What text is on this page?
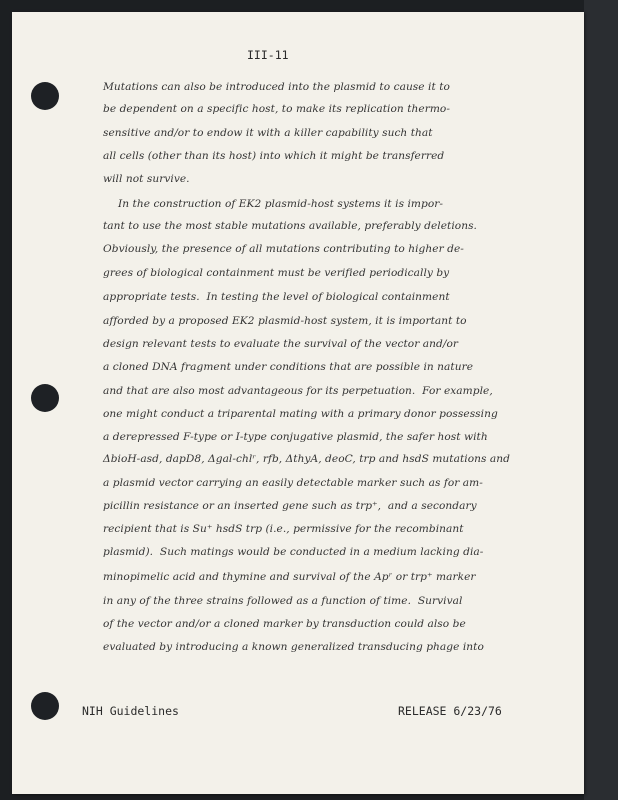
III-11
Mutations can also be introduced into the plasmid to cause it to
be dependent on a specific host, to make its replication thermo-
sensitive and/or to endow it with a killer capability such that
all cells (other than its host) into which it might be transferred
will not survive.
In the construction of EK2 plasmid-host systems it is impor-
tant to use the most stable mutations available, preferably deletions.
Obviously, the presence of all mutations contributing to higher de-
grees of biological containment must be verified periodically by
appropriate tests.  In testing the level of biological containment
afforded by a proposed EK2 plasmid-host system, it is important to
design relevant tests to evaluate the survival of the vector and/or
a cloned DNA fragment under conditions that are possible in nature
and that are also most advantageous for its perpetuation.  For example,
one might conduct a triparental mating with a primary donor possessing
a derepressed F-type or I-type conjugative plasmid, the safer host with
ΔbioH-asd, dapD8, Δgal-chlʳ, rfb, ΔthyA, deoC, trp and hsdS mutations and
a plasmid vector carrying an easily detectable marker such as for am-
picillin resistance or an inserted gene such as trp⁺,  and a secondary
recipient that is Su⁺ hsdS trp (i.e., permissive for the recombinant
plasmid).  Such matings would be conducted in a medium lacking dia-
minopimelic acid and thymine and survival of the Apʳ or trp⁺ marker
in any of the three strains followed as a function of time.  Survival
of the vector and/or a cloned marker by transduction could also be
evaluated by introducing a known generalized transducing phage into
NIH Guidelines	RELEASE 6/23/76
